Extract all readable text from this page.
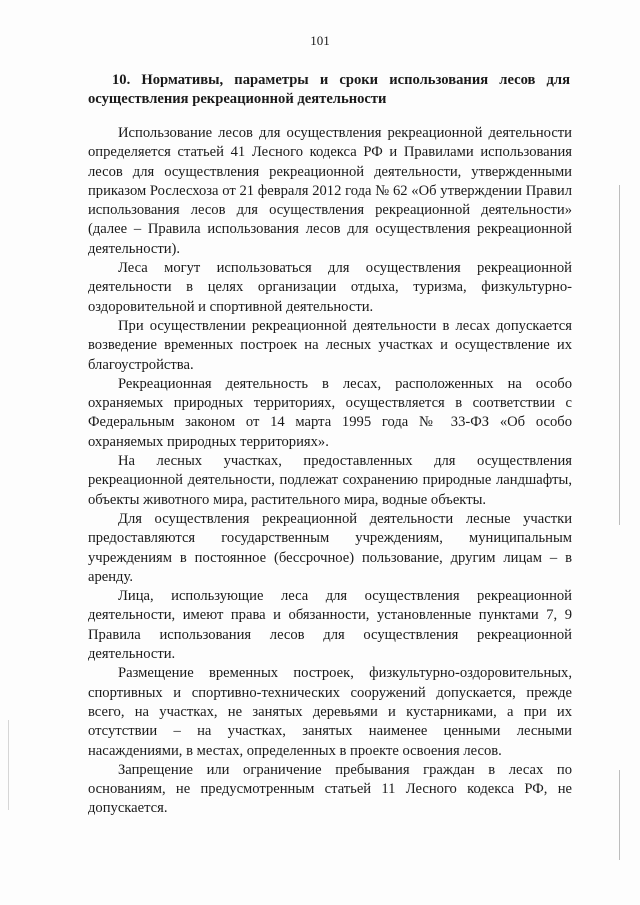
101
10. Нормативы, параметры и сроки использования лесов для осуществления рекреационной деятельности

Использование лесов для осуществления рекреационной деятельности определяется статьей 41 Лесного кодекса РФ и Правилами использования лесов для осуществления рекреационной деятельности, утвержденными приказом Рослесхоза от 21 февраля 2012 года № 62 «Об утверждении Правил использования лесов для осуществления рекреационной деятельности» (далее – Правила использования лесов для осуществления рекреационной деятельности).

Леса могут использоваться для осуществления рекреационной деятельности в целях организации отдыха, туризма, физкультурно-оздоровительной и спортивной деятельности.

При осуществлении рекреационной деятельности в лесах допускается возведение временных построек на лесных участках и осуществление их благоустройства.

Рекреационная деятельность в лесах, расположенных на особо охраняемых природных территориях, осуществляется в соответствии с Федеральным законом от 14 марта 1995 года № 33-ФЗ «Об особо охраняемых природных территориях».

На лесных участках, предоставленных для осуществления рекреационной деятельности, подлежат сохранению природные ландшафты, объекты животного мира, растительного мира, водные объекты.

Для осуществления рекреационной деятельности лесные участки предоставляются государственным учреждениям, муниципальным учреждениям в постоянное (бессрочное) пользование, другим лицам – в аренду.

Лица, использующие леса для осуществления рекреационной деятельности, имеют права и обязанности, установленные пунктами 7, 9 Правила использования лесов для осуществления рекреационной деятельности.

Размещение временных построек, физкультурно-оздоровительных, спортивных и спортивно-технических сооружений допускается, прежде всего, на участках, не занятых деревьями и кустарниками, а при их отсутствии – на участках, занятых наименее ценными лесными насаждениями, в местах, определенных в проекте освоения лесов.

Запрещение или ограничение пребывания граждан в лесах по основаниям, не предусмотренным статьей 11 Лесного кодекса РФ, не допускается.
